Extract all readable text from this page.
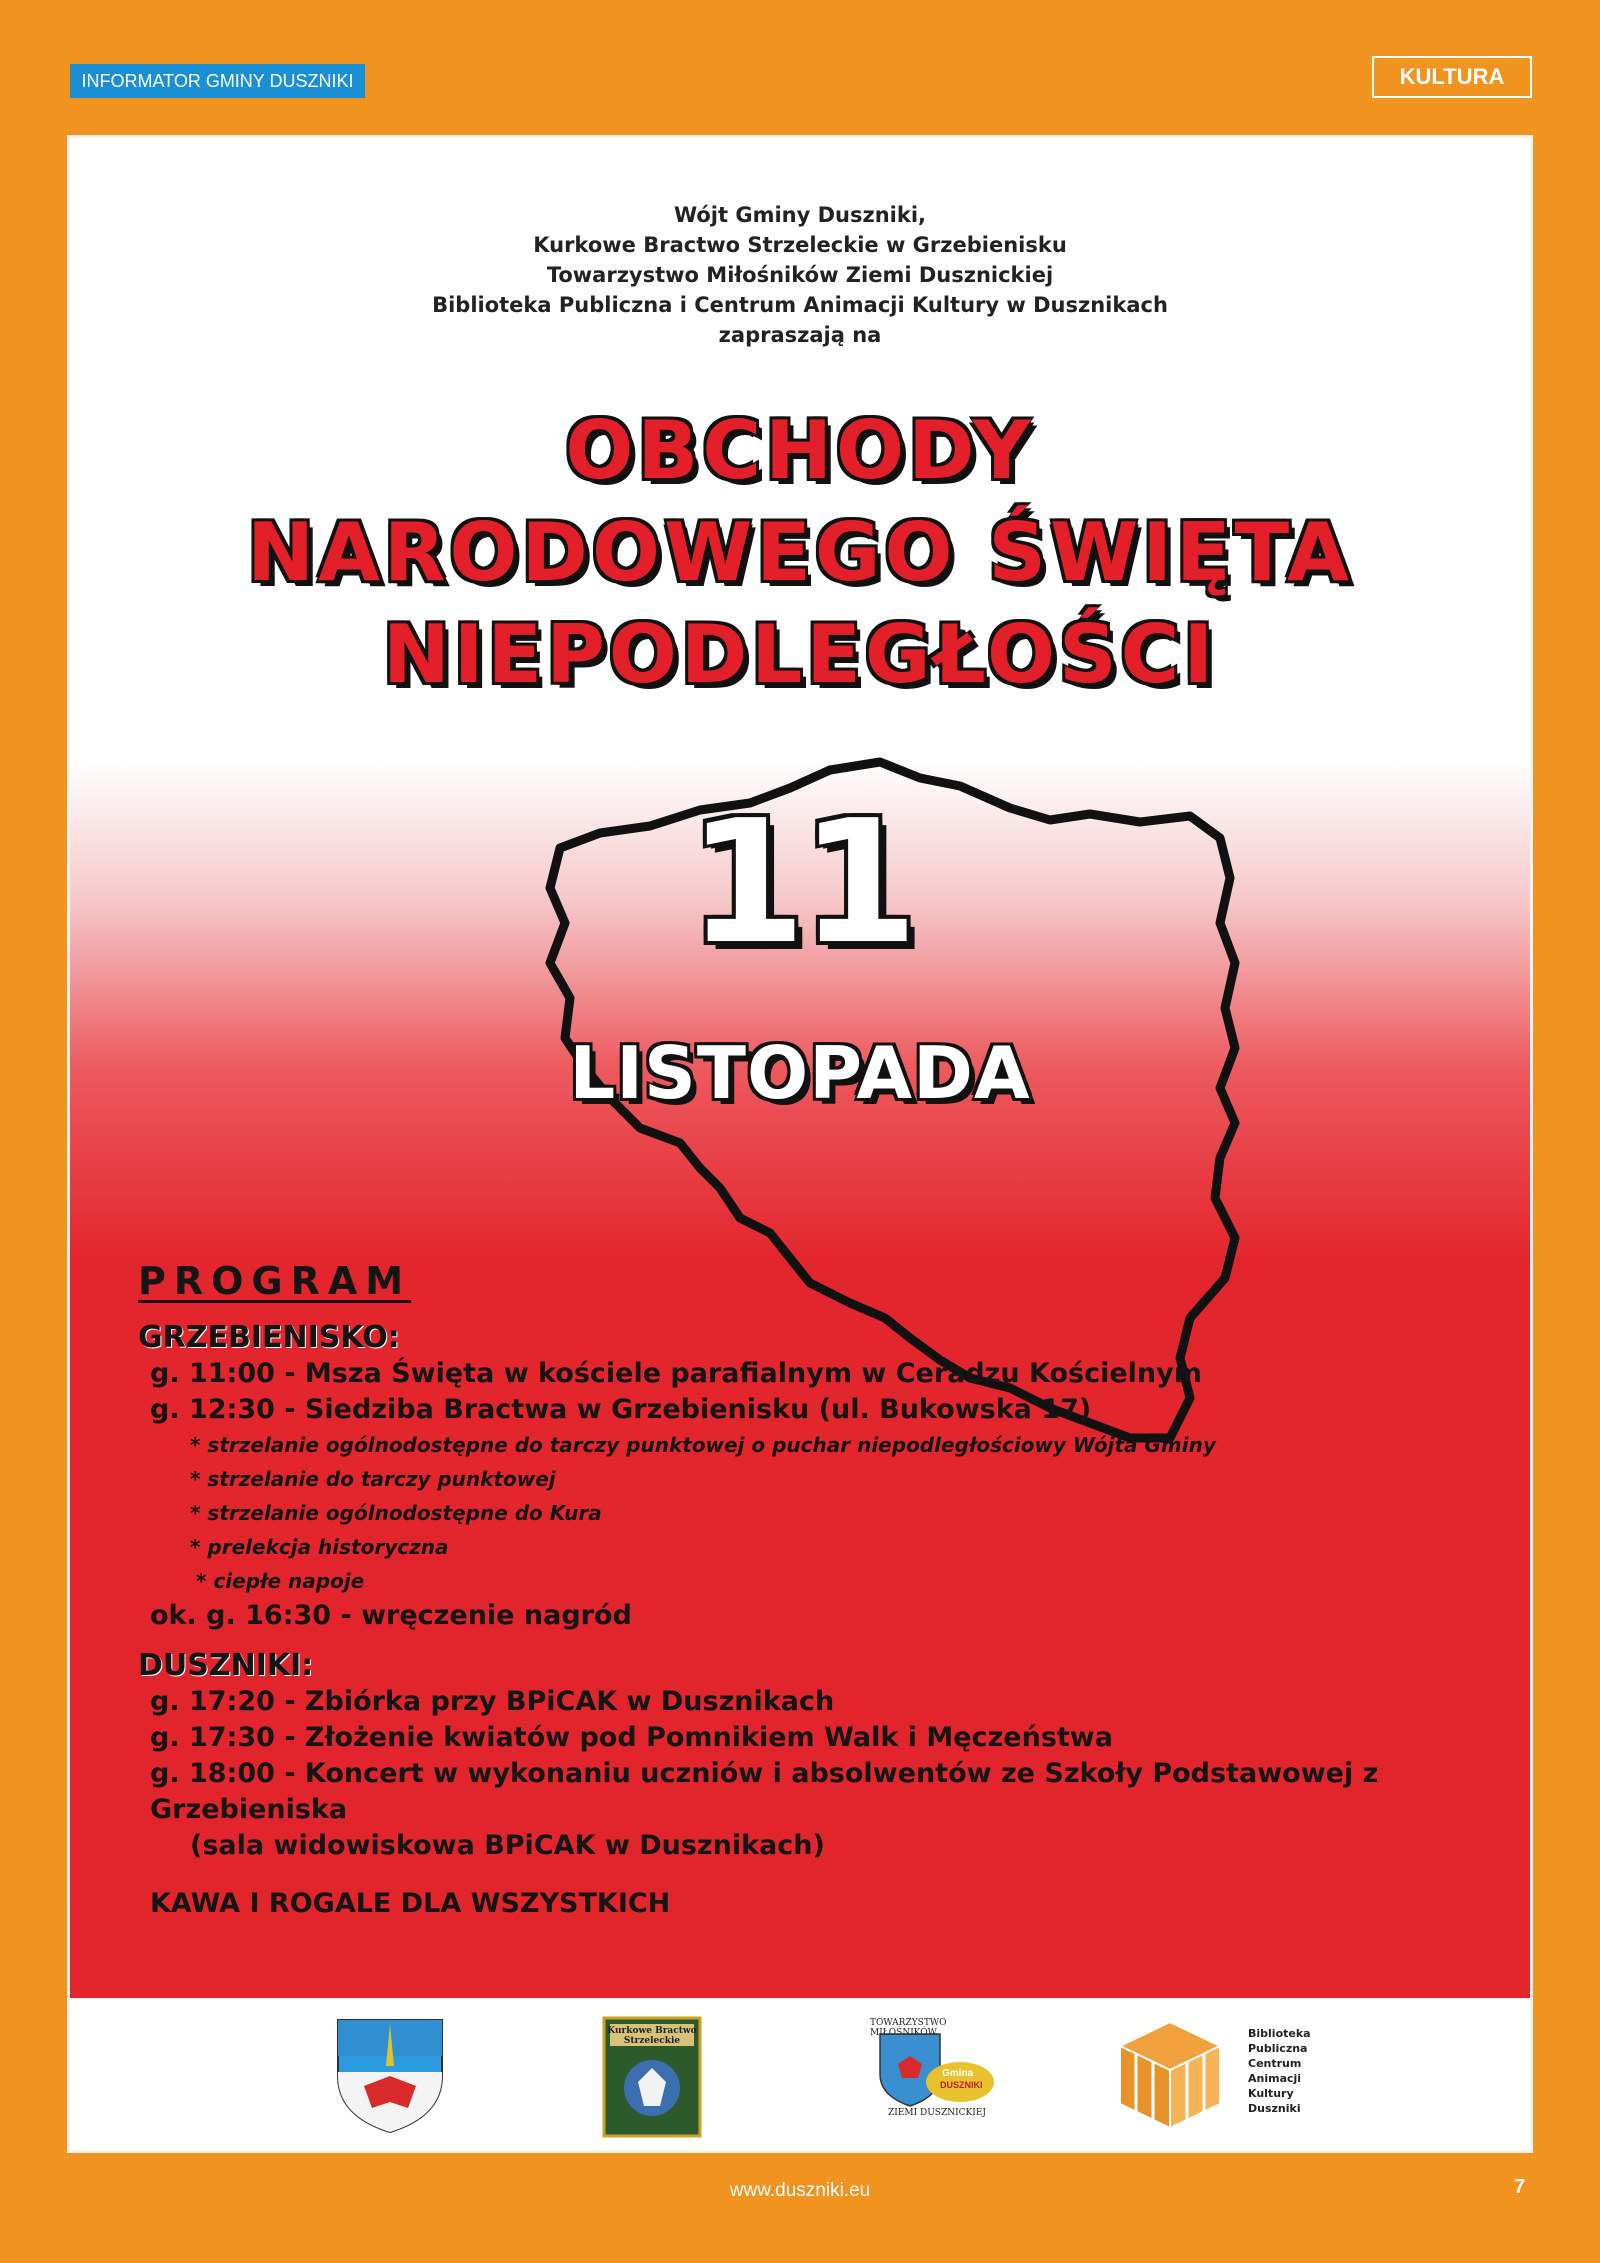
INFORMATOR GMINY DUSZNIKI	KULTURA
Wójt Gminy Duszniki,
Kurkowe Bractwo Strzeleckie w Grzebienisku
Towarzystwo Miłośników Ziemi Dusznickiej
Biblioteka Publiczna i Centrum Animacji Kultury w Dusznikach
zapraszają na
OBCHODY
NARODOWEGO ŚWIĘTA
NIEPODLEGŁOŚCI
11
LISTOPADA
PROGRAM
GRZEBIENISKO:
g. 11:00 - Msza Święta w kościele parafialnym w Ceradzu Kościelnym
g. 12:30 - Siedziba Bractwa w Grzebienisku (ul. Bukowska 17)
* strzelanie ogólnodostępne do tarczy punktowej o puchar niepodległościowy Wójta Gminy
* strzelanie do tarczy punktowej
* strzelanie ogólnodostępne do Kura
* prelekcja historyczna
* ciepłe napoje
ok. g. 16:30 - wręczenie nagród
DUSZNIKI:
g. 17:20 - Zbiórka przy BPiCAK w Dusznikach
g. 17:30 - Złożenie kwiatów pod Pomnikiem Walk i Męczeństwa
g. 18:00 - Koncert w wykonaniu uczniów i absolwentów ze Szkoły Podstawowej z Grzebieniska
(sala widowiskowa BPiCAK w Dusznikach)
KAWA I ROGALE DLA WSZYSTKICH
Kurkowe Bractwo
Strzeleckie
TOWARZYSTWO MIŁOŚNIKÓW
Gmina
DUSZNIKI
ZIEMI DUSZNICKIEJ
Biblioteka
Publiczna
Centrum
Animacji
Kultury
Duszniki
www.duszniki.eu	7
